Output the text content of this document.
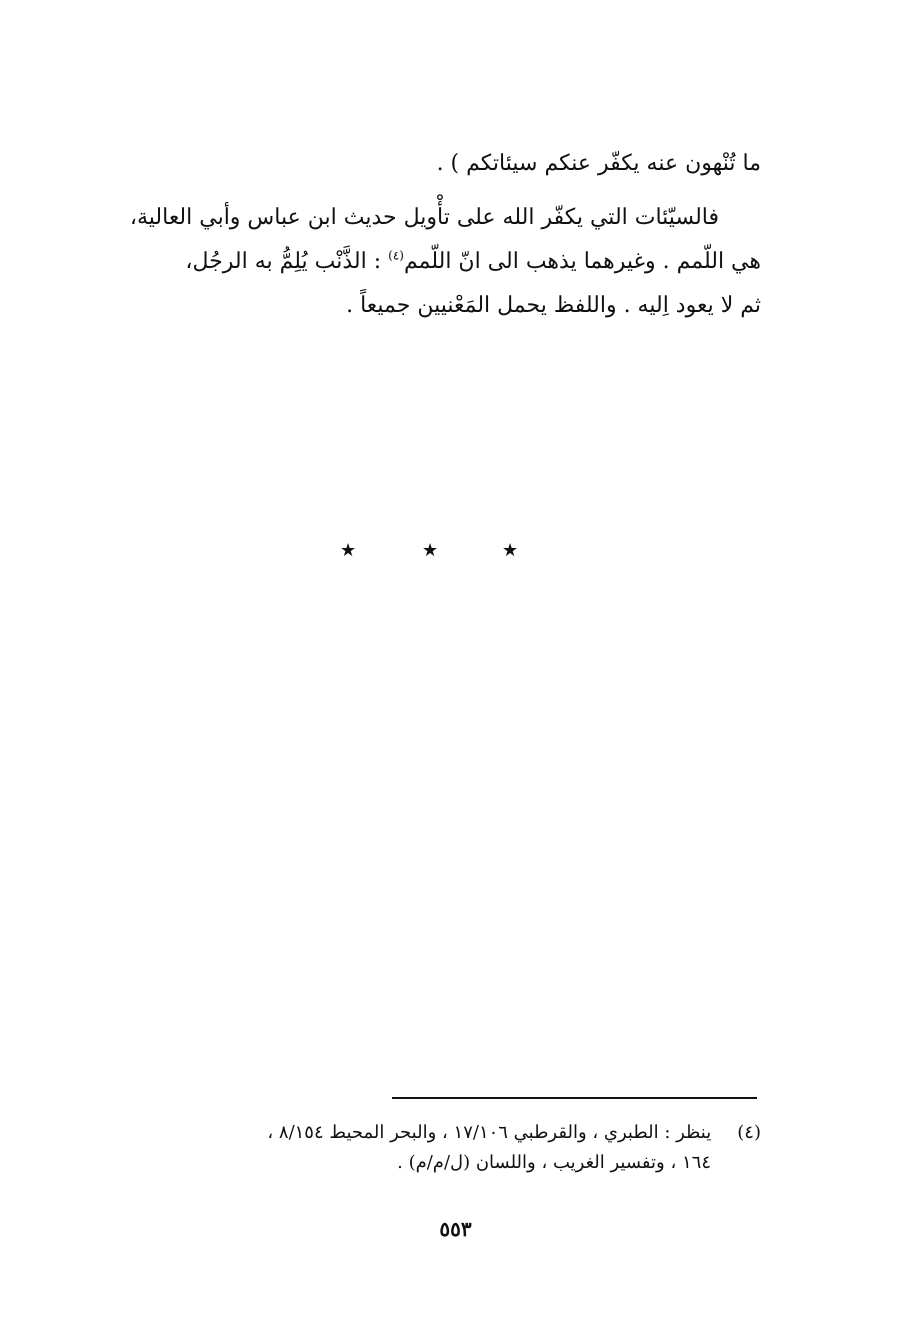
ما تُنْهون عنه يكفّر عنكم سيئاتكم ) .
فالسيّئات التي يكفّر الله على تأْويل حديث ابن عباس وأبي العالية،
هي اللّمم . وغيرهما يذهب الى انّ اللّمم$^{(٤)}$ : الذَّنْب يُلِمُّ به الرجُل،
ثم لا يعود اِليه . واللفظ يحمل المَعْنيين جميعاً .
★	★	★
(٤) ينظر : الطبري ، والقرطبي ١٧/١٠٦ ، والبحر المحيط ٨/١٥٤ ،
١٦٤ ، وتفسير الغريب ، واللسان (ل/م/م) .
٥٥٣
